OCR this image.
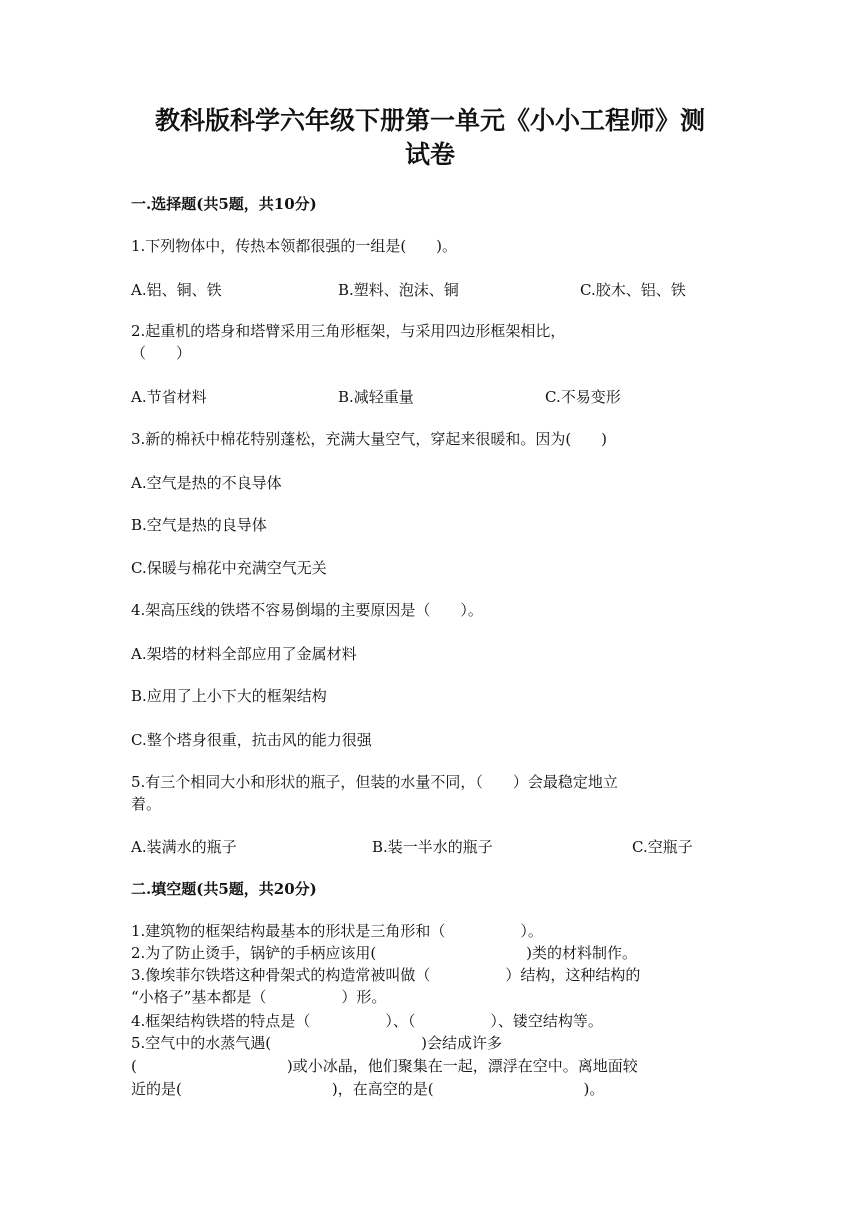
教科版科学六年级下册第一单元《小小工程师》测
试卷
一.选择题(共5题，共10分)
1.下列物体中，传热本领都很强的一组是(　　)。
A.铝、铜、铁	B.塑料、泡沫、铜	C.胶木、铝、铁
2.起重机的塔身和塔臂采用三角形框架，与采用四边形框架相比，
（　　）
A.节省材料	B.减轻重量	C.不易变形
3.新的棉袄中棉花特别蓬松，充满大量空气，穿起来很暖和。因为(　　)
A.空气是热的不良导体
B.空气是热的良导体
C.保暖与棉花中充满空气无关
4.架高压线的铁塔不容易倒塌的主要原因是（　　）。
A.架塔的材料全部应用了金属材料
B.应用了上小下大的框架结构
C.整个塔身很重，抗击风的能力很强
5.有三个相同大小和形状的瓶子，但装的水量不同，（　　）会最稳定地立
着。
A.装满水的瓶子	B.装一半水的瓶子	C.空瓶子
二.填空题(共5题，共20分)
1.建筑物的框架结构最基本的形状是三角形和（　　　　　）。
2.为了防止烫手，锅铲的手柄应该用(　　　　　　　　　　)类的材料制作。
3.像埃菲尔铁塔这种骨架式的构造常被叫做（　　　　　）结构，这种结构的
“小格子”基本都是（　　　　　）形。
4.框架结构铁塔的特点是（　　　　　）、（　　　　　）、镂空结构等。
5.空气中的水蒸气遇(　　　　　　　　　　)会结成许多
(　　　　　　　　　　)或小冰晶，他们聚集在一起，漂浮在空中。离地面较
近的是(　　　　　　　　　　)，在高空的是(　　　　　　　　　　)。
